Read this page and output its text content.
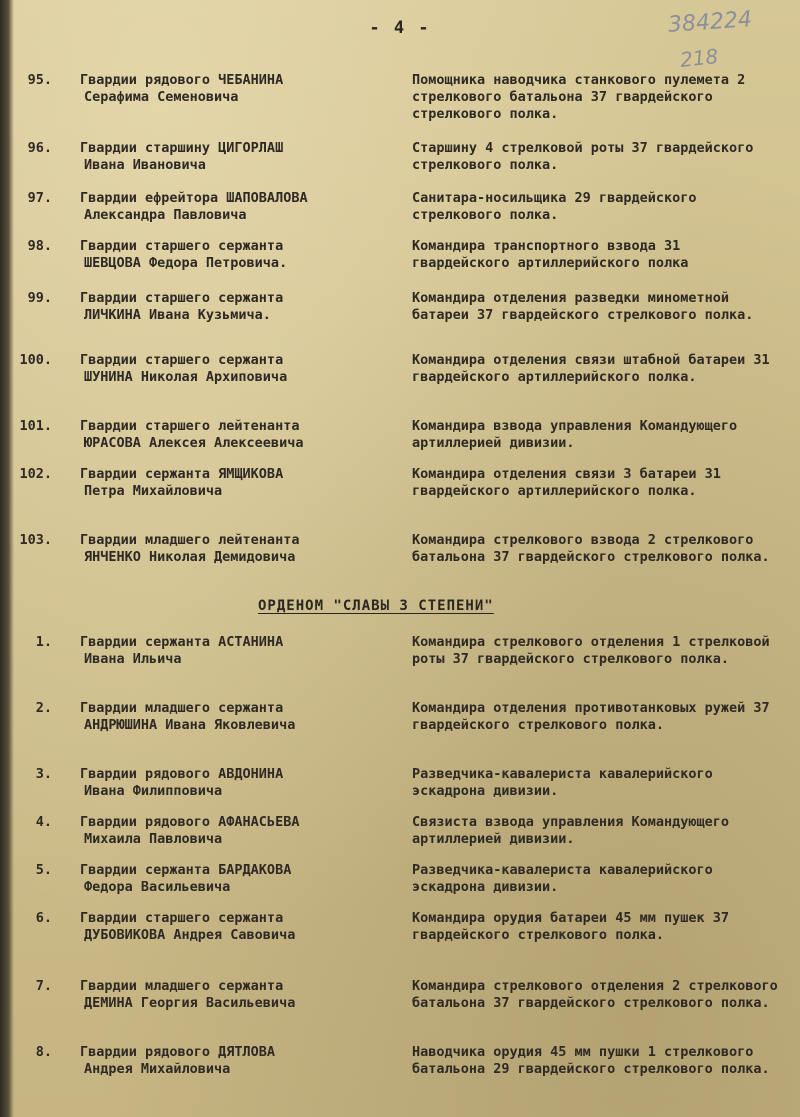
- 4 -	384224
218
95. Гвардии рядового ЧЕБАНИНА
Серафима Семеновича
Помощника наводчика станкового пулемета 2 стрелкового батальона 37 гвардейского стрелкового полка.
96. Гвардии старшину ЦИГОРЛАШ
Ивана Ивановича
Старшину 4 стрелковой роты 37 гвардейского стрелкового полка.
97. Гвардии ефрейтора ШАПОВАЛОВА
Александра Павловича
Санитара-носильщика 29 гвардейского стрелкового полка.
98. Гвардии старшего сержанта
ШЕВЦОВА Федора Петровича.
Командира транспортного взвода 31 гвардейского артиллерийского полка
99. Гвардии старшего сержанта
ЛИЧКИНА Ивана Кузьмича.
Командира отделения разведки минометной батареи 37 гвардейского стрелкового полка.
100. Гвардии старшего сержанта
ШУНИНА Николая Архиповича
Командира отделения связи штабной батареи 31 гвардейского артиллерийского полка.
101. Гвардии старшего лейтенанта
ЮРАСОВА Алексея Алексеевича
Командира взвода управления Командующего артиллерией дивизии.
102. Гвардии сержанта ЯМЩИКОВА
Петра Михайловича
Командира отделения связи 3 батареи 31 гвардейского артиллерийского полка.
103. Гвардии младшего лейтенанта
ЯНЧЕНКО Николая Демидовича
Командира стрелкового взвода 2 стрелкового батальона 37 гвардейского стрелкового полка.
ОРДЕНОМ "СЛАВЫ 3 СТЕПЕНИ"
1. Гвардии сержанта АСТАНИНА
Ивана Ильича
Командира стрелкового отделения 1 стрелковой роты 37 гвардейского стрелкового полка.
2. Гвардии младшего сержанта
АНДРЮШИНА Ивана Яковлевича
Командира отделения противотанковых ружей 37 гвардейского стрелкового полка.
3. Гвардии рядового АВДОНИНА
Ивана Филипповича
Разведчика-кавалериста кавалерийского эскадрона дивизии.
4. Гвардии рядового АФАНАСЬЕВА
Михаила Павловича
Связиста взвода управления Командующего артиллерией дивизии.
5. Гвардии сержанта БАРДАКОВА
Федора Васильевича
Разведчика-кавалериста кавалерийского эскадрона дивизии.
6. Гвардии старшего сержанта
ДУБОВИКОВА Андрея Савовича
Командира орудия батареи 45 мм пушек 37 гвардейского стрелкового полка.
7. Гвардии младшего сержанта
ДЕМИНА Георгия Васильевича
Командира стрелкового отделения 2 стрелкового батальона 37 гвардейского стрелкового полка.
8. Гвардии рядового ДЯТЛОВА
Андрея Михайловича
Наводчика орудия 45 мм пушки 1 стрелкового батальона 29 гвардейского стрелкового полка.
